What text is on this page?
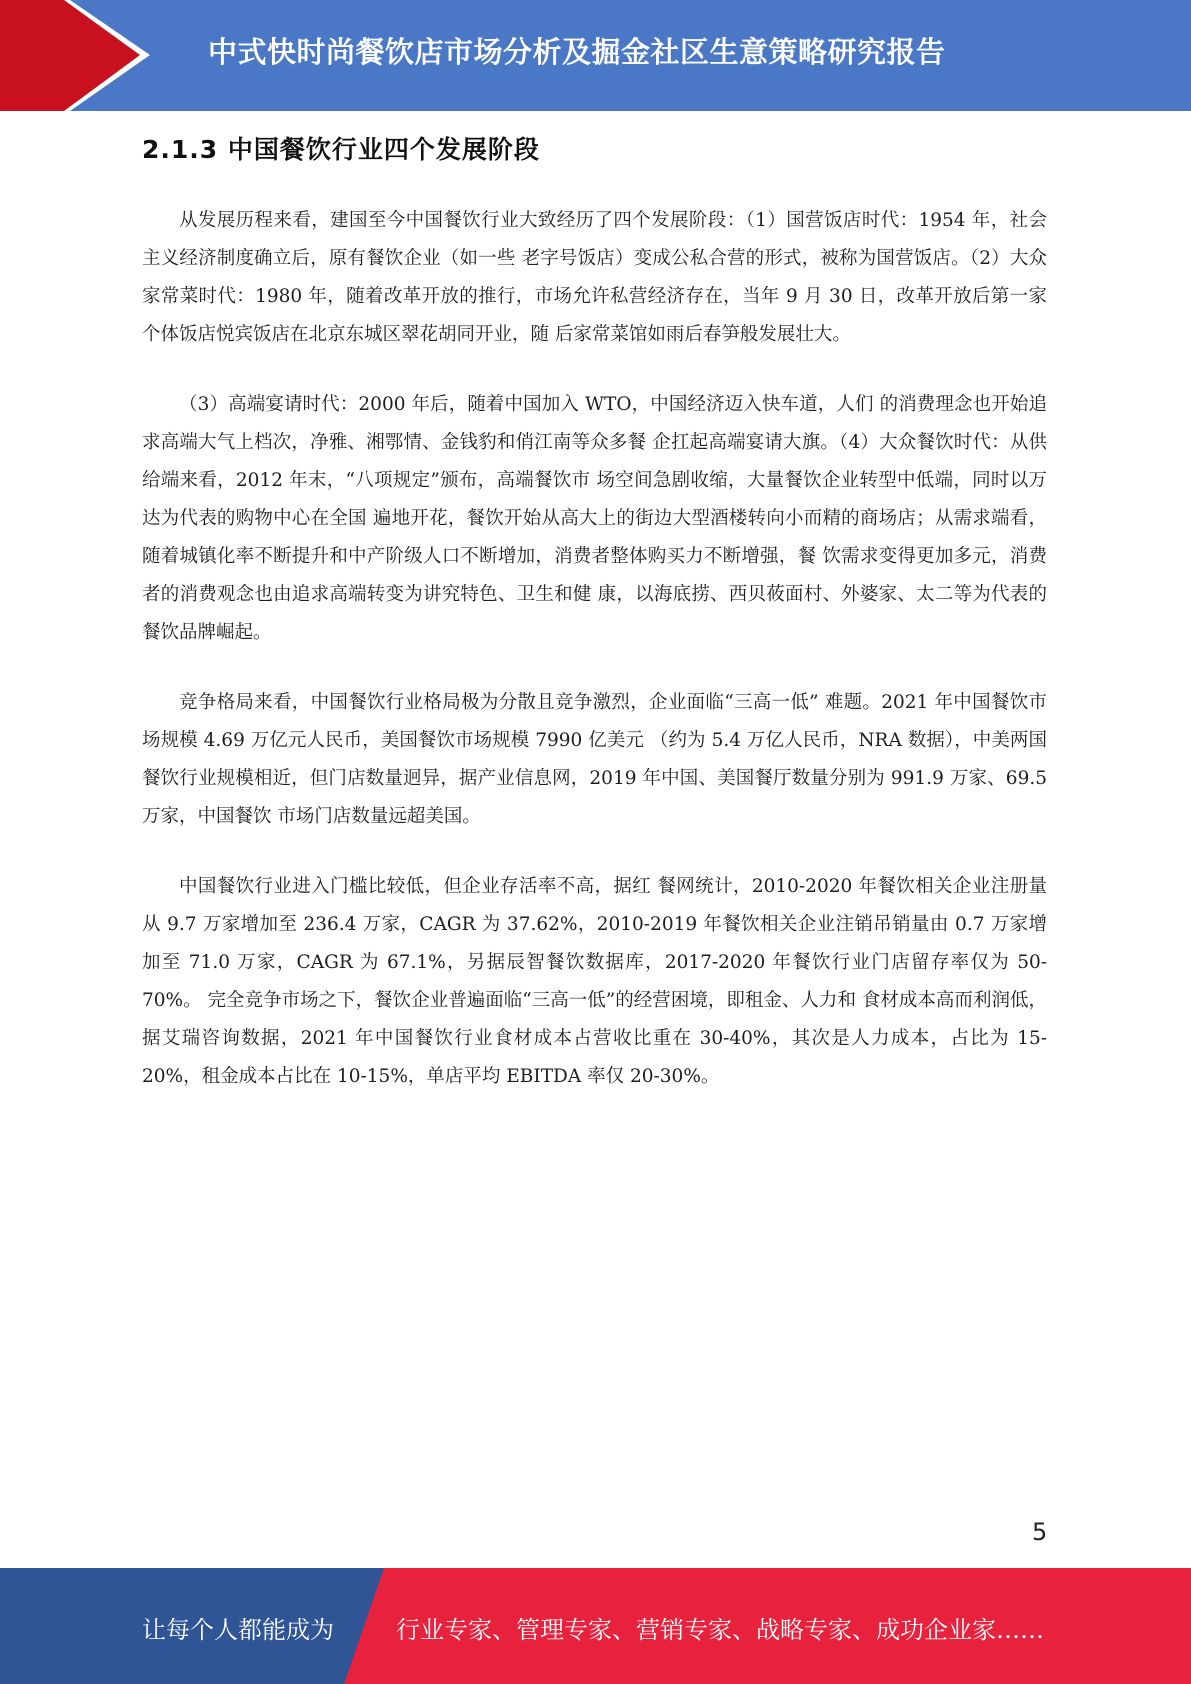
中式快时尚餐饮店市场分析及掘金社区生意策略研究报告
2.1.3 中国餐饮行业四个发展阶段

从发展历程来看，建国至今中国餐饮行业大致经历了四个发展阶段：（1）国营饭店时代：1954 年，社会主义经济制度确立后，原有餐饮企业（如一些 老字号饭店）变成公私合营的形式，被称为国营饭店。（2）大众家常菜时代：1980 年，随着改革开放的推行，市场允许私营经济存在，当年 9 月 30 日，改革开放后第一家个体饭店悦宾饭店在北京东城区翠花胡同开业，随 后家常菜馆如雨后春笋般发展壮大。

（3）高端宴请时代：2000 年后，随着中国加入 WTO，中国经济迈入快车道，人们 的消费理念也开始追求高端大气上档次，净雅、湘鄂情、金钱豹和俏江南等众多餐 企扛起高端宴请大旗。（4）大众餐饮时代：从供给端来看，2012 年末，“八项规定”颁布，高端餐饮市 场空间急剧收缩，大量餐饮企业转型中低端，同时以万达为代表的购物中心在全国 遍地开花，餐饮开始从高大上的街边大型酒楼转向小而精的商场店；从需求端看，随着城镇化率不断提升和中产阶级人口不断增加，消费者整体购买力不断增强，餐 饮需求变得更加多元，消费者的消费观念也由追求高端转变为讲究特色、卫生和健 康，以海底捞、西贝莜面村、外婆家、太二等为代表的餐饮品牌崛起。

竞争格局来看，中国餐饮行业格局极为分散且竞争激烈，企业面临“三高一低” 难题。2021 年中国餐饮市场规模 4.69 万亿元人民币，美国餐饮市场规模 7990 亿美元 （约为 5.4 万亿人民币，NRA 数据），中美两国餐饮行业规模相近，但门店数量迥异，据产业信息网，2019 年中国、美国餐厅数量分别为 991.9 万家、69.5 万家，中国餐饮 市场门店数量远超美国。

中国餐饮行业进入门槛比较低，但企业存活率不高，据红 餐网统计，2010-2020 年餐饮相关企业注册量从 9.7 万家增加至 236.4 万家，CAGR 为 37.62%，2010-2019 年餐饮相关企业注销吊销量由 0.7 万家增加至 71.0 万家，CAGR 为 67.1%，另据辰智餐饮数据库，2017-2020 年餐饮行业门店留存率仅为 50-70%。 完全竞争市场之下，餐饮企业普遍面临“三高一低”的经营困境，即租金、人力和 食材成本高而利润低，据艾瑞咨询数据，2021 年中国餐饮行业食材成本占营收比重在 30-40%，其次是人力成本，占比为 15-20%，租金成本占比在 10-15%，单店平均 EBITDA 率仅 20-30%。

5
让每个人都能成为	行业专家、管理专家、营销专家、战略专家、成功企业家……
